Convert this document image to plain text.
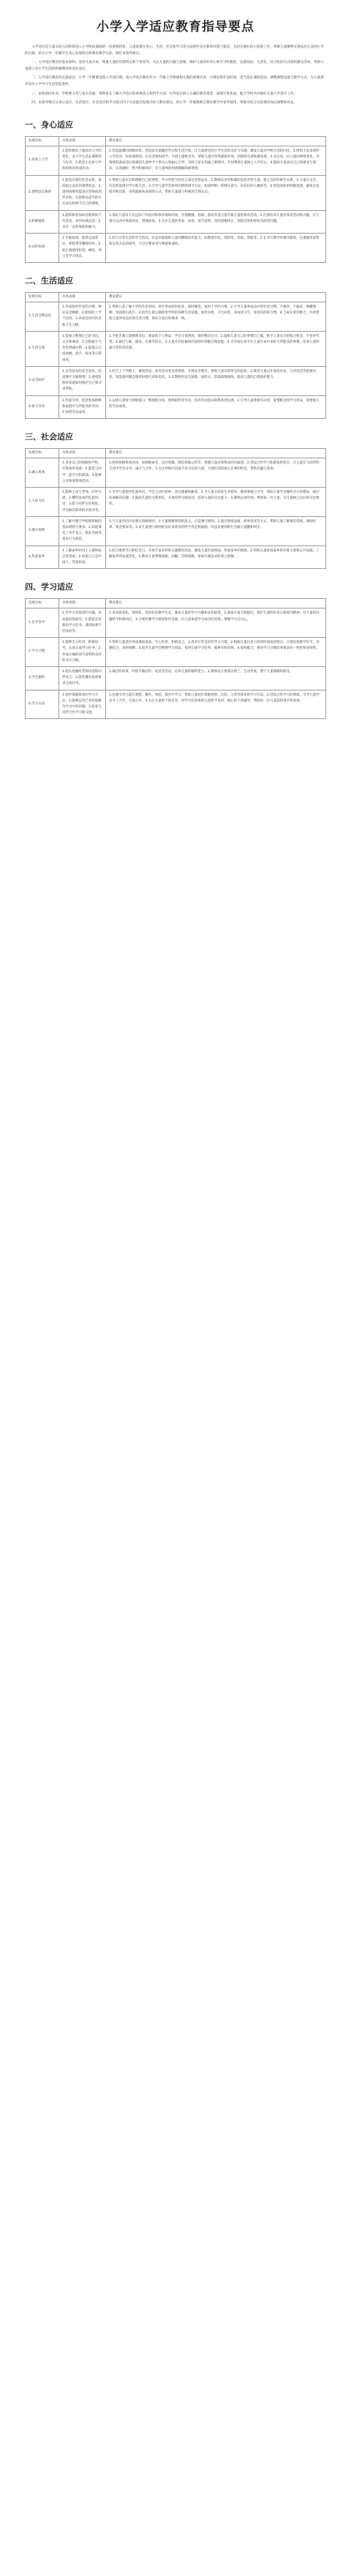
小学入学适应教育指导要点

入学适应是儿童从幼儿园阶段进入小学阶段面临的一次重要转折，儿童需要在身心、生活、社会和学习等方面逐步适应新的环境与要求。为切实做好幼小衔接工作，帮助儿童顺利实现从幼儿园到小学的过渡，结合小学一年级学生身心发展特点和教育教学实际，制定本指导要点。

一、入学适应教育的基本原则。坚持儿童为本，尊重儿童的年龄特点和个体差异，关注儿童的兴趣与需要，保护儿童的好奇心和学习积极性，以游戏化、生活化、综合化的方式组织教育活动，帮助儿童建立对小学生活的积极期待和良好适应。

二、入学适应教育的实施途径。小学一年级要设置入学适应期，将入学适应教育作为一年级上学期课程实施的重要内容，合理安排作息时间，适当延长课间活动，调整课程设置与教学方式，为儿童逐步适应小学学习生活创造条件。

三、家校协同共育。学校要主动与家长沟通，帮助家长了解入学适应的重要意义和科学方法，引导家长树立正确的教育观念，减缓过度焦虑，配合学校共同做好儿童入学适应工作。

四、本指导要点从身心适应、生活适应、社会适应和学习适应四个方面提出发展目标与教育建议，供小学一年级教师在教育教学中参考使用，各地可结合实际情况加以调整和补充。

一、身心适应
发展目标	具体表现	教育建议
1.喜欢上小学	1.能积极向上地面对入学的变化，对小学生活充满期待与好奇；2.愿意主动参与学校组织的各项活动。	1.营造温馨的班级环境，创设富有童趣的学习和生活空间，让儿童感受到小学生活的美好与乐趣，激发儿童对学校生活的向往。2.组织丰富多彩的入学活动，如参观校园、认识老师和同学、开展主题班会等，帮助儿童尽快熟悉新环境，消除陌生感和紧张感。3.关注每一位儿童的情绪变化，对情绪低落或适应困难的儿童给予个别关心和耐心引导，及时与家长沟通了解情况，共同帮助儿童树立入学信心。4.鼓励儿童表达自己的感受与想法，认真倾听，给予积极回应，让儿童体验到被理解和被尊重。
2.情绪安定愉快	1.能适应新的作息安排，保持稳定良好的情绪状态；2.遇到困难时愿意向老师或同伴求助；3.能够以适当的方式表达和调节自己的情绪。	1.帮助儿童认识和理解自己的情绪，学习用恰当的语言表达喜怒哀乐。2.教师以亲切和蔼的态度对待儿童，建立良好的师生关系，让儿童在安全、信任的氛围中学习和生活。3.引导儿童学会简单的情绪调节方法，如深呼吸、转移注意力、向信任的人倾诉等。4.创设宽松的班级氛围，避免过度批评和比较，多用鼓励和表扬的方式，帮助儿童建立积极的自我认识。
3.积极锻炼	1.能积极参加体育锻炼和户外活动，动作协调灵活；2.具有一定的体能和耐力。	1.保证儿童每天充足的户外活动和体育锻炼时间，开展跳绳、拍球、游戏等适合低年级儿童的体育活动。2.注重培养儿童对体育活动的兴趣，让儿童在运动中体验快乐、增强体质。3.关注儿童的坐姿、站姿、读写姿势，及时提醒纠正，预防近视和脊柱弯曲等问题。
4.动作协调	1.手眼协调，能够完成穿衣、系鞋带等精细动作；2.能正确使用铅笔、橡皮、剪刀等学习用具。	1.结合日常生活和学习活动，有意识地锻炼儿童的精细动作能力，如整理书包、削铅笔、折纸、剪贴等。2.在书写教学中循序渐进，注重握笔姿势和运笔方法的指导，不过早要求书写数量和速度。
二、生活适应
发展目标	具体表现	教育建议
1.生活习惯良好	1.养成按时作息的习惯，保证充足睡眠；2.能按时上学不迟到；3.养成良好的饮食和卫生习惯。	1.帮助儿童了解小学的作息时间，逐步养成按时起床、按时睡觉、按时上学的习惯。2.引导儿童养成良好的饮食习惯，不挑食、不偏食，细嚼慢咽，饭前便后洗手。3.指导儿童正确使用学校的各种生活设施，如饮水机、卫生间等，养成讲卫生、爱清洁的好习惯。4.与家长密切配合，共同督促儿童养成良好的生活习惯，保证在家在校要求一致。
2.生活自理	1.能独立整理自己的书包、文具和课桌；2.会根据天气变化增减衣物；3.能独立完成如厕、洗手、喝水等日常事务。	1.手把手教儿童整理书包、课桌和个人物品，学会分类摆放，保持整洁有序。2.鼓励儿童自己的事情自己做，给予儿童充分的练习机会，不包办代替。3.通过儿歌、游戏、比赛等形式，让儿童在轻松愉快的氛围中掌握自理技能。4.引导家长放手让儿童在家中承担力所能及的事情，培养儿童的独立性和责任感。
3.安全防护	1.具有基本的安全意识，知道遵守交通规则；2.遇到危险时知道如何保护自己和寻求帮助。	1.结合上下学路上、课间活动、体育活动等具体情境，开展安全教育，帮助儿童识别常见的危险。2.教育儿童记住家庭住址、父母电话等重要信息，知道遇到紧急情况时拨打求助电话。3.定期组织安全演练，如防火、防震疏散演练，提高儿童的自我保护能力。
4.参与劳动	1.热爱劳动，愿意参加班级和家庭中力所能及的劳动；2.珍惜劳动成果。	1.安排儿童参与班级值日、整理图书角、照料植物等劳动，培养劳动意识和集体责任感。2.引导儿童尊重劳动者，爱惜粮食和学习用品，珍惜他人的劳动成果。
三、社会适应
发展目标	具体表现	教育建议
1.融入集体	1.喜欢自己的班级和学校，有集体荣誉感；2.愿意与同学一起学习和游戏；3.能够主动参加集体活动。	1.组织班级集体活动，如班级命名、设计班徽、制定班级公约等，增强儿童对班集体的归属感。2.创设合作学习和游戏的机会，让儿童在与同伴的互动中学会分享、谦让与合作。3.关注性格内向或不善交往的儿童，为他们创造展示自我的机会，帮助其融入集体。
2.人际交往	1.能够主动与老师、同学交流；2.懂得基本的礼貌用语；3.能与同伴友好相处，学会解决简单的矛盾冲突。	1.引导儿童使用礼貌用语，学会主动打招呼、表达感谢和歉意。2.当儿童之间发生矛盾时，教师要耐心引导，帮助儿童学会倾听对方的想法，通过协商解决问题。3.鼓励儿童结交新朋友，开展同伴互助活动，培养儿童的交往能力。4.教师以身作则，尊重每一位儿童，为儿童树立良好的交往榜样。
3.遵守规则	1.了解并遵守学校和班级的基本规则与要求；2.知道课堂上举手发言、排队等候等基本行为规范。	1.与儿童共同讨论制定班级规则，让儿童理解规则的意义，自觉遵守规则。2.通过情境表演、故事讲述等方式，帮助儿童了解课堂常规、课间纪律、集会要求等。3.对儿童遵守规则的良好表现及时给予肯定和鼓励，对违反规则的行为耐心提醒和纠正。
4.热爱家乡	1.了解家乡的风土人情和标志性景观；2.知道自己是中国人，热爱祖国。	1.结合重要节日和纪念日，开展丰富多样的主题教育活动，激发儿童热爱祖国、热爱家乡的情感。2.组织儿童参观家乡的名胜古迹和公共设施，了解家乡的发展变化。3.教育儿童尊敬国旗、国徽，会唱国歌，参加升旗仪式时肃立致敬。
四、学习适应
发展目标	具体表现	教育建议
1.乐学善学	1.对学习有浓厚的兴趣，喜欢提问和探究；2.愿意尝试新的学习任务，遇到困难不轻易放弃。	1.采用游戏化、情境化、活动化的教学方式，激发儿童的学习兴趣和求知欲望。2.鼓励儿童大胆提问，保护儿童的好奇心和探究精神，对儿童的问题给予积极回应。3.合理控制学习难度和作业量，让儿童体验学习成功的喜悦，增强学习自信心。
2.学习习惯	1.能够专心听讲，积极思考，认真完成学习任务；2.养成正确的读写姿势和良好的书写习惯。	1.帮助儿童逐步养成课前准备、专心听讲、积极发言、认真书写等良好的学习习惯。2.根据儿童注意力持续时间短的特点，合理安排教学环节，动静结合，适时调整。3.指导儿童学会整理学习用品，按时完成学习任务，做事有始有终。4.家校配合，保持学习习惯培养要求的一致性和连续性。
3.学会倾听	1.能认真倾听老师讲话和同伴发言；2.能听懂并按照要求完成任务。	1.通过听故事、听指令做动作、复述等活动，培养儿童的倾听能力。2.教师语言要简洁明了、生动形象，便于儿童理解和接受。
4.学习方法	1.初步掌握简单的学习方法；2.能够运用已有经验解决学习中的问题；3.愿意与同伴合作学习和交流。	1.注重引导儿童在观察、操作、体验、探究中学习，帮助儿童初步掌握观察、比较、分类等简单的学习方法。2.创设合作学习的情境，引导儿童学会分工合作、交流分享。3.关注儿童的个体差异，对学习有困难的儿童给予及时、耐心的个别辅导，帮助每一位儿童获得进步和发展。
